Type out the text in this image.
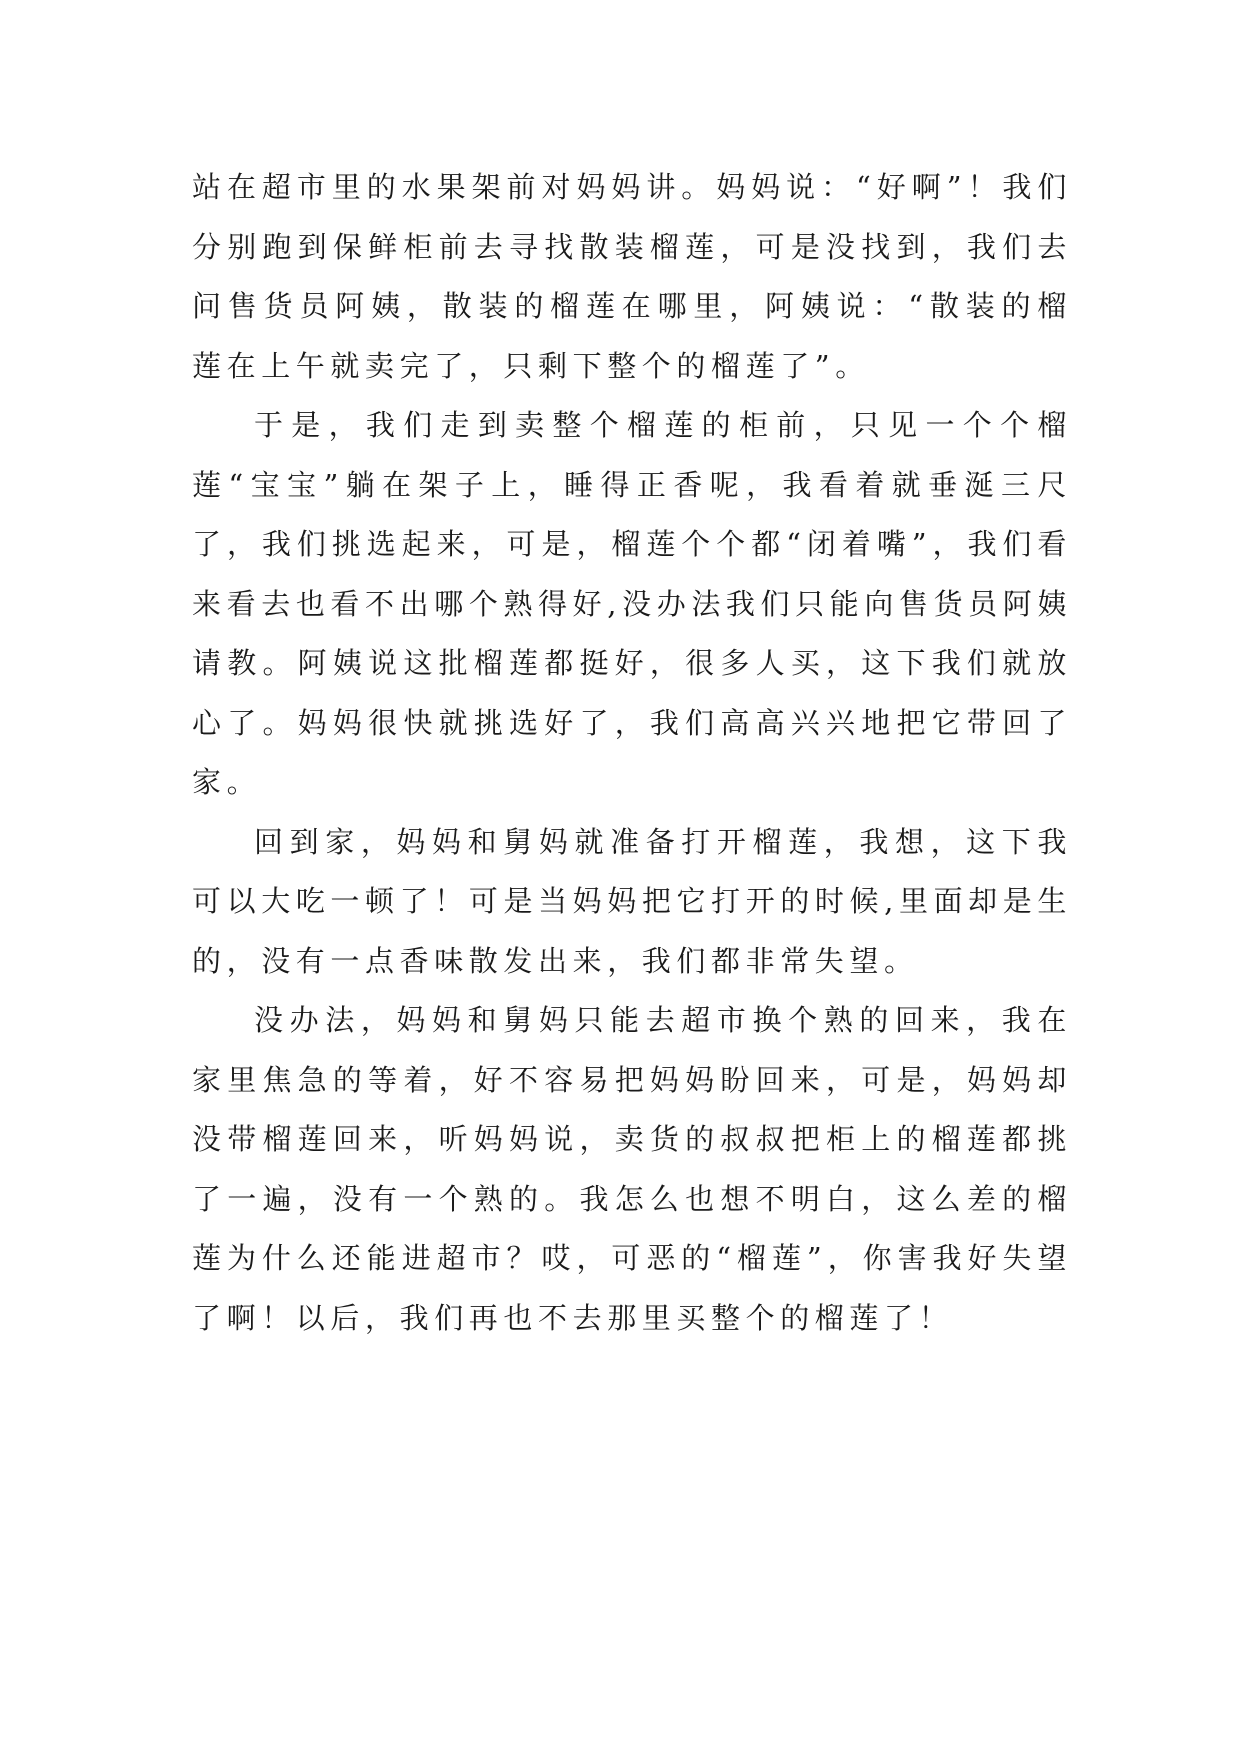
站在超市里的水果架前对妈妈讲。妈妈说：“好啊”！我们分别跑到保鲜柜前去寻找散装榴莲，可是没找到，我们去问售货员阿姨，散装的榴莲在哪里，阿姨说：“散装的榴莲在上午就卖完了，只剩下整个的榴莲了”。

于是，我们走到卖整个榴莲的柜前，只见一个个榴莲“宝宝”躺在架子上，睡得正香呢，我看着就垂涎三尺了，我们挑选起来，可是，榴莲个个都“闭着嘴”，我们看来看去也看不出哪个熟得好,没办法我们只能向售货员阿姨请教。阿姨说这批榴莲都挺好，很多人买，这下我们就放心了。妈妈很快就挑选好了，我们高高兴兴地把它带回了家。

回到家，妈妈和舅妈就准备打开榴莲，我想，这下我可以大吃一顿了！可是当妈妈把它打开的时候,里面却是生的，没有一点香味散发出来，我们都非常失望。

没办法，妈妈和舅妈只能去超市换个熟的回来，我在家里焦急的等着，好不容易把妈妈盼回来，可是，妈妈却没带榴莲回来，听妈妈说，卖货的叔叔把柜上的榴莲都挑了一遍，没有一个熟的。我怎么也想不明白，这么差的榴莲为什么还能进超市？哎，可恶的“榴莲”，你害我好失望了啊！以后，我们再也不去那里买整个的榴莲了！
